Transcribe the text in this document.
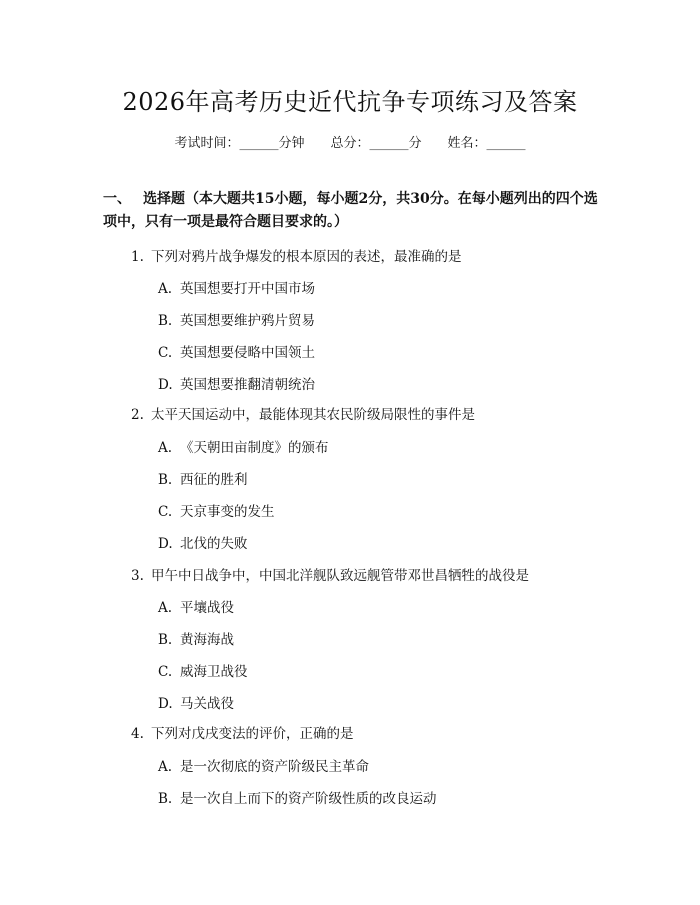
2026年高考历史近代抗争专项练习及答案
考试时间：______分钟 总分：______分 姓名：______
一、 选择题（本大题共15小题，每小题2分，共30分。在每小题列出的四个选项中，只有一项是最符合题目要求的。）
1. 下列对鸦片战争爆发的根本原因的表述，最准确的是
A. 英国想要打开中国市场
B. 英国想要维护鸦片贸易
C. 英国想要侵略中国领土
D. 英国想要推翻清朝统治
2. 太平天国运动中，最能体现其农民阶级局限性的事件是
A. 《天朝田亩制度》的颁布
B. 西征的胜利
C. 天京事变的发生
D. 北伐的失败
3. 甲午中日战争中，中国北洋舰队致远舰管带邓世昌牺牲的战役是
A. 平壤战役
B. 黄海海战
C. 威海卫战役
D. 马关战役
4. 下列对戊戌变法的评价，正确的是
A. 是一次彻底的资产阶级民主革命
B. 是一次自上而下的资产阶级性质的改良运动
